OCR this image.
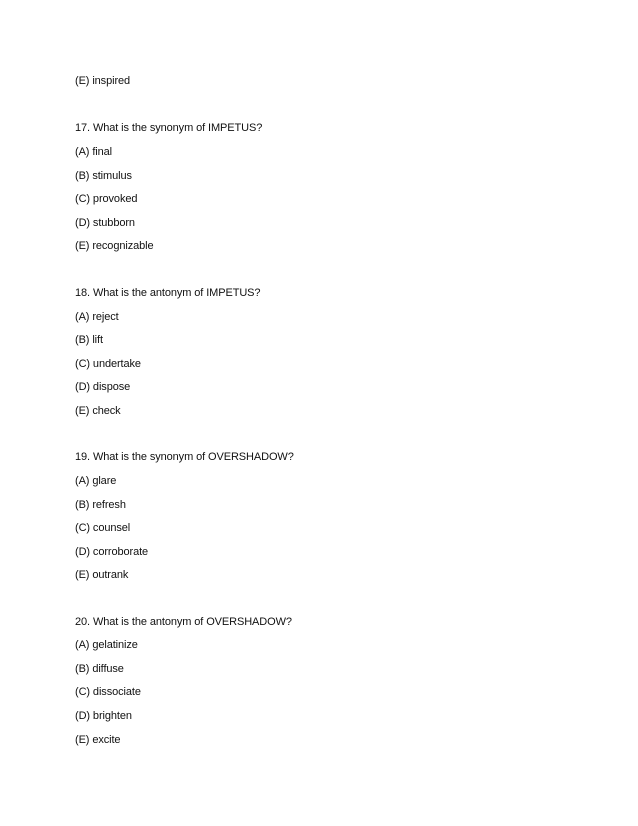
(E) inspired
17. What is the synonym of IMPETUS?
(A) final
(B) stimulus
(C) provoked
(D) stubborn
(E) recognizable
18. What is the antonym of IMPETUS?
(A) reject
(B) lift
(C) undertake
(D) dispose
(E) check
19. What is the synonym of OVERSHADOW?
(A) glare
(B) refresh
(C) counsel
(D) corroborate
(E) outrank
20. What is the antonym of OVERSHADOW?
(A) gelatinize
(B) diffuse
(C) dissociate
(D) brighten
(E) excite
